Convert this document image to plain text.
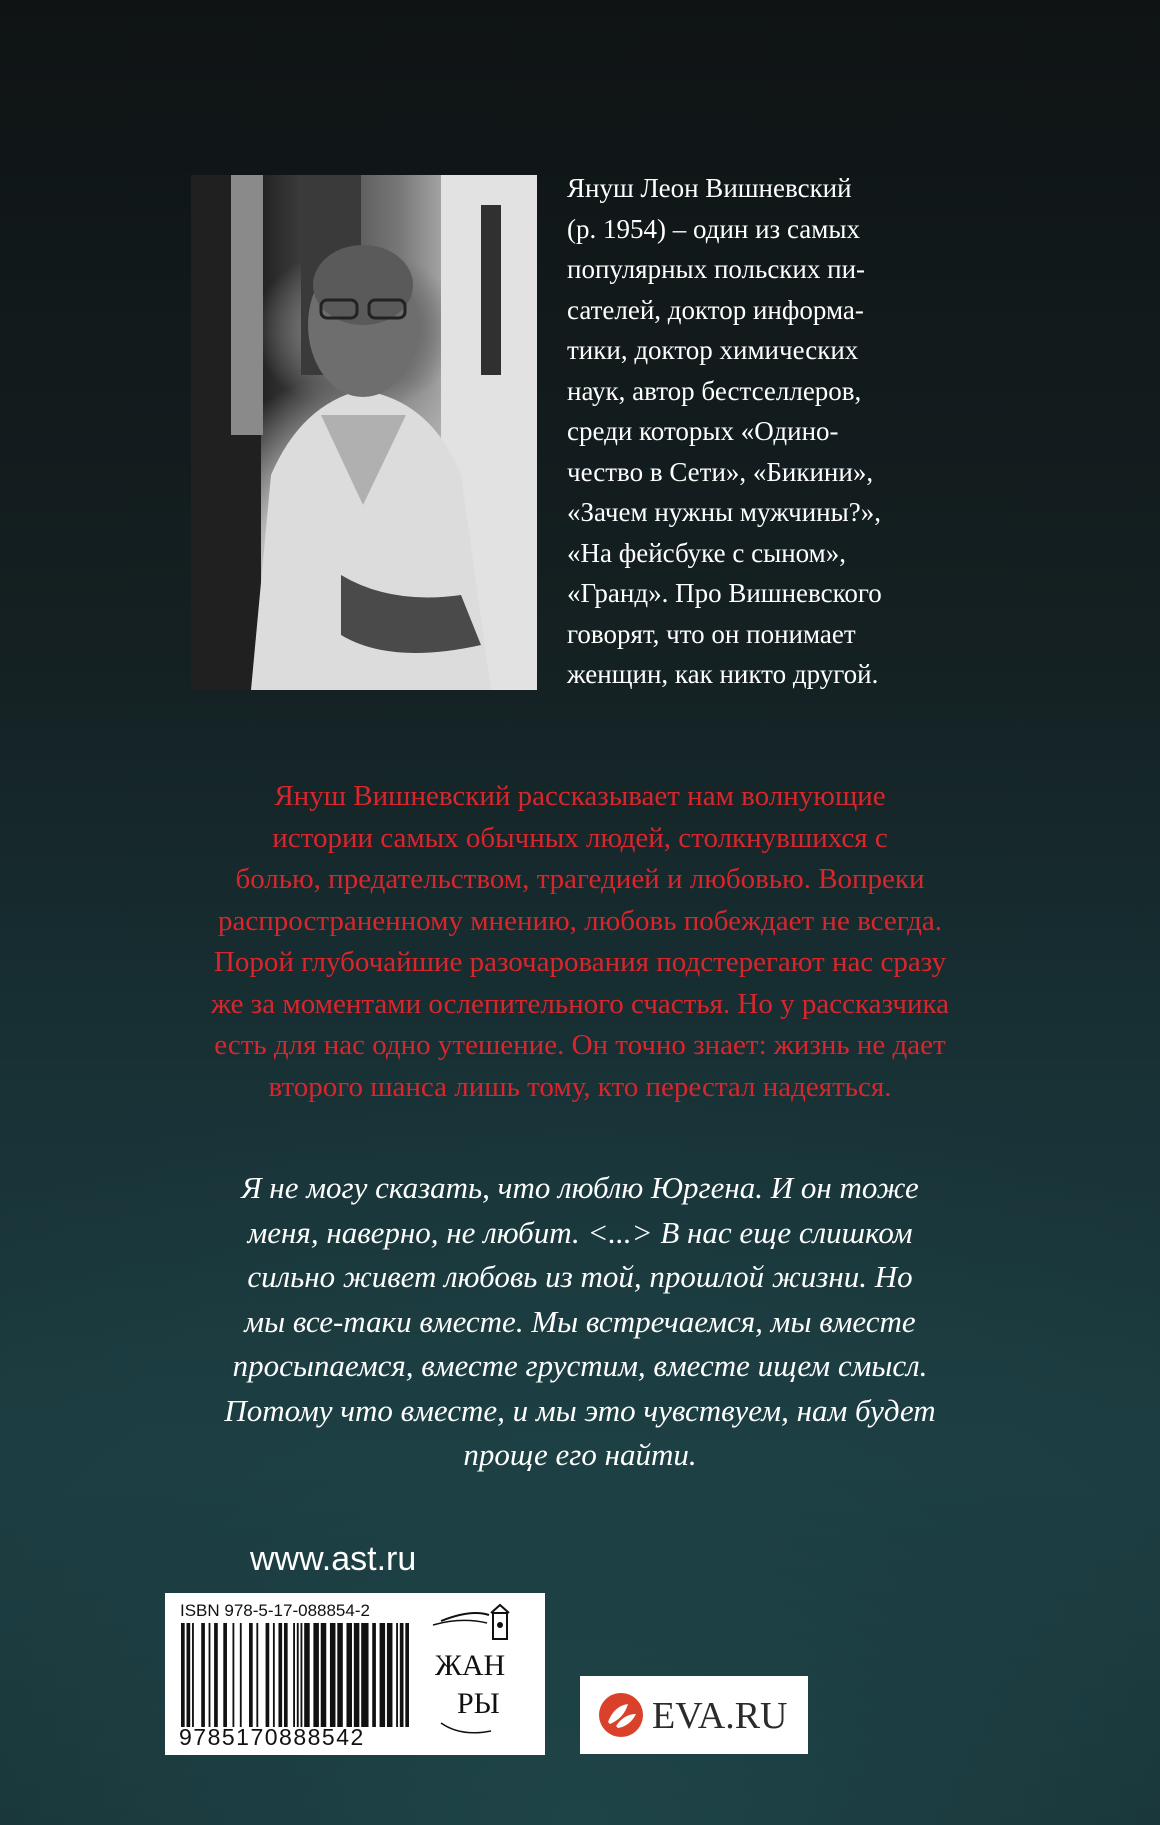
Януш Леон Вишневский
(р. 1954) – один из самых
популярных польских пи-
сателей, доктор информа-
тики, доктор химических
наук, автор бестселлеров,
среди которых «Одино-
чество в Сети», «Бикини»,
«Зачем нужны мужчины?»,
«На фейсбуке с сыном»,
«Гранд». Про Вишневского
говорят, что он понимает
женщин, как никто другой.
Януш Вишневский рассказывает нам волнующие
истории самых обычных людей, столкнувшихся с
болью, предательством, трагедией и любовью. Вопреки
распространенному мнению, любовь побеждает не всегда.
Порой глубочайшие разочарования подстерегают нас сразу
же за моментами ослепительного счастья. Но у рассказчика
есть для нас одно утешение. Он точно знает: жизнь не дает
второго шанса лишь тому, кто перестал надеяться.
Я не могу сказать, что люблю Юргена. И он тоже
меня, наверно, не любит. <...> В нас еще слишком
сильно живет любовь из той, прошлой жизни. Но
мы все-таки вместе. Мы встречаемся, мы вместе
просыпаемся, вместе грустим, вместе ищем смысл.
Потому что вместе, и мы это чувствуем, нам будет
проще его найти.
www.ast.ru
ISBN 978-5-17-088854-2
9785170888542
ЖАН
РЫ	EVA.RU
